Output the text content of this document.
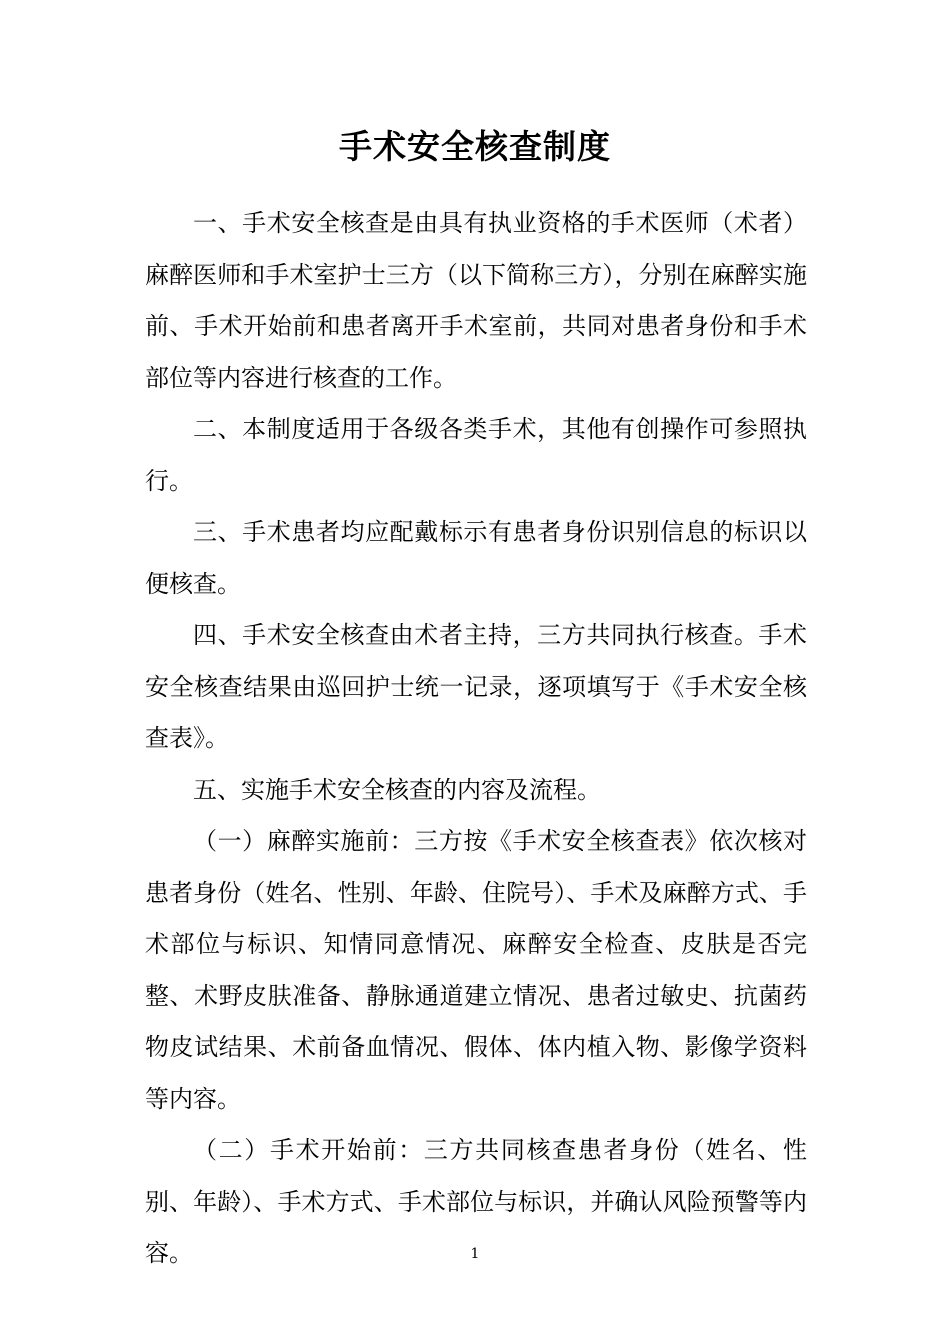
手术安全核查制度

一、手术安全核查是由具有执业资格的手术医师（术者）麻醉医师和手术室护士三方（以下简称三方），分别在麻醉实施前、手术开始前和患者离开手术室前，共同对患者身份和手术部位等内容进行核查的工作。

二、本制度适用于各级各类手术，其他有创操作可参照执行。

三、手术患者均应配戴标示有患者身份识别信息的标识以便核查。

四、手术安全核查由术者主持，三方共同执行核查。手术安全核查结果由巡回护士统一记录，逐项填写于《手术安全核查表》。

五、实施手术安全核查的内容及流程。

（一）麻醉实施前：三方按《手术安全核查表》依次核对患者身份（姓名、性别、年龄、住院号）、手术及麻醉方式、手术部位与标识、知情同意情况、麻醉安全检查、皮肤是否完整、术野皮肤准备、静脉通道建立情况、患者过敏史、抗菌药物皮试结果、术前备血情况、假体、体内植入物、影像学资料等内容。

（二）手术开始前：三方共同核查患者身份（姓名、性别、年龄）、手术方式、手术部位与标识，并确认风险预警等内容。	1
